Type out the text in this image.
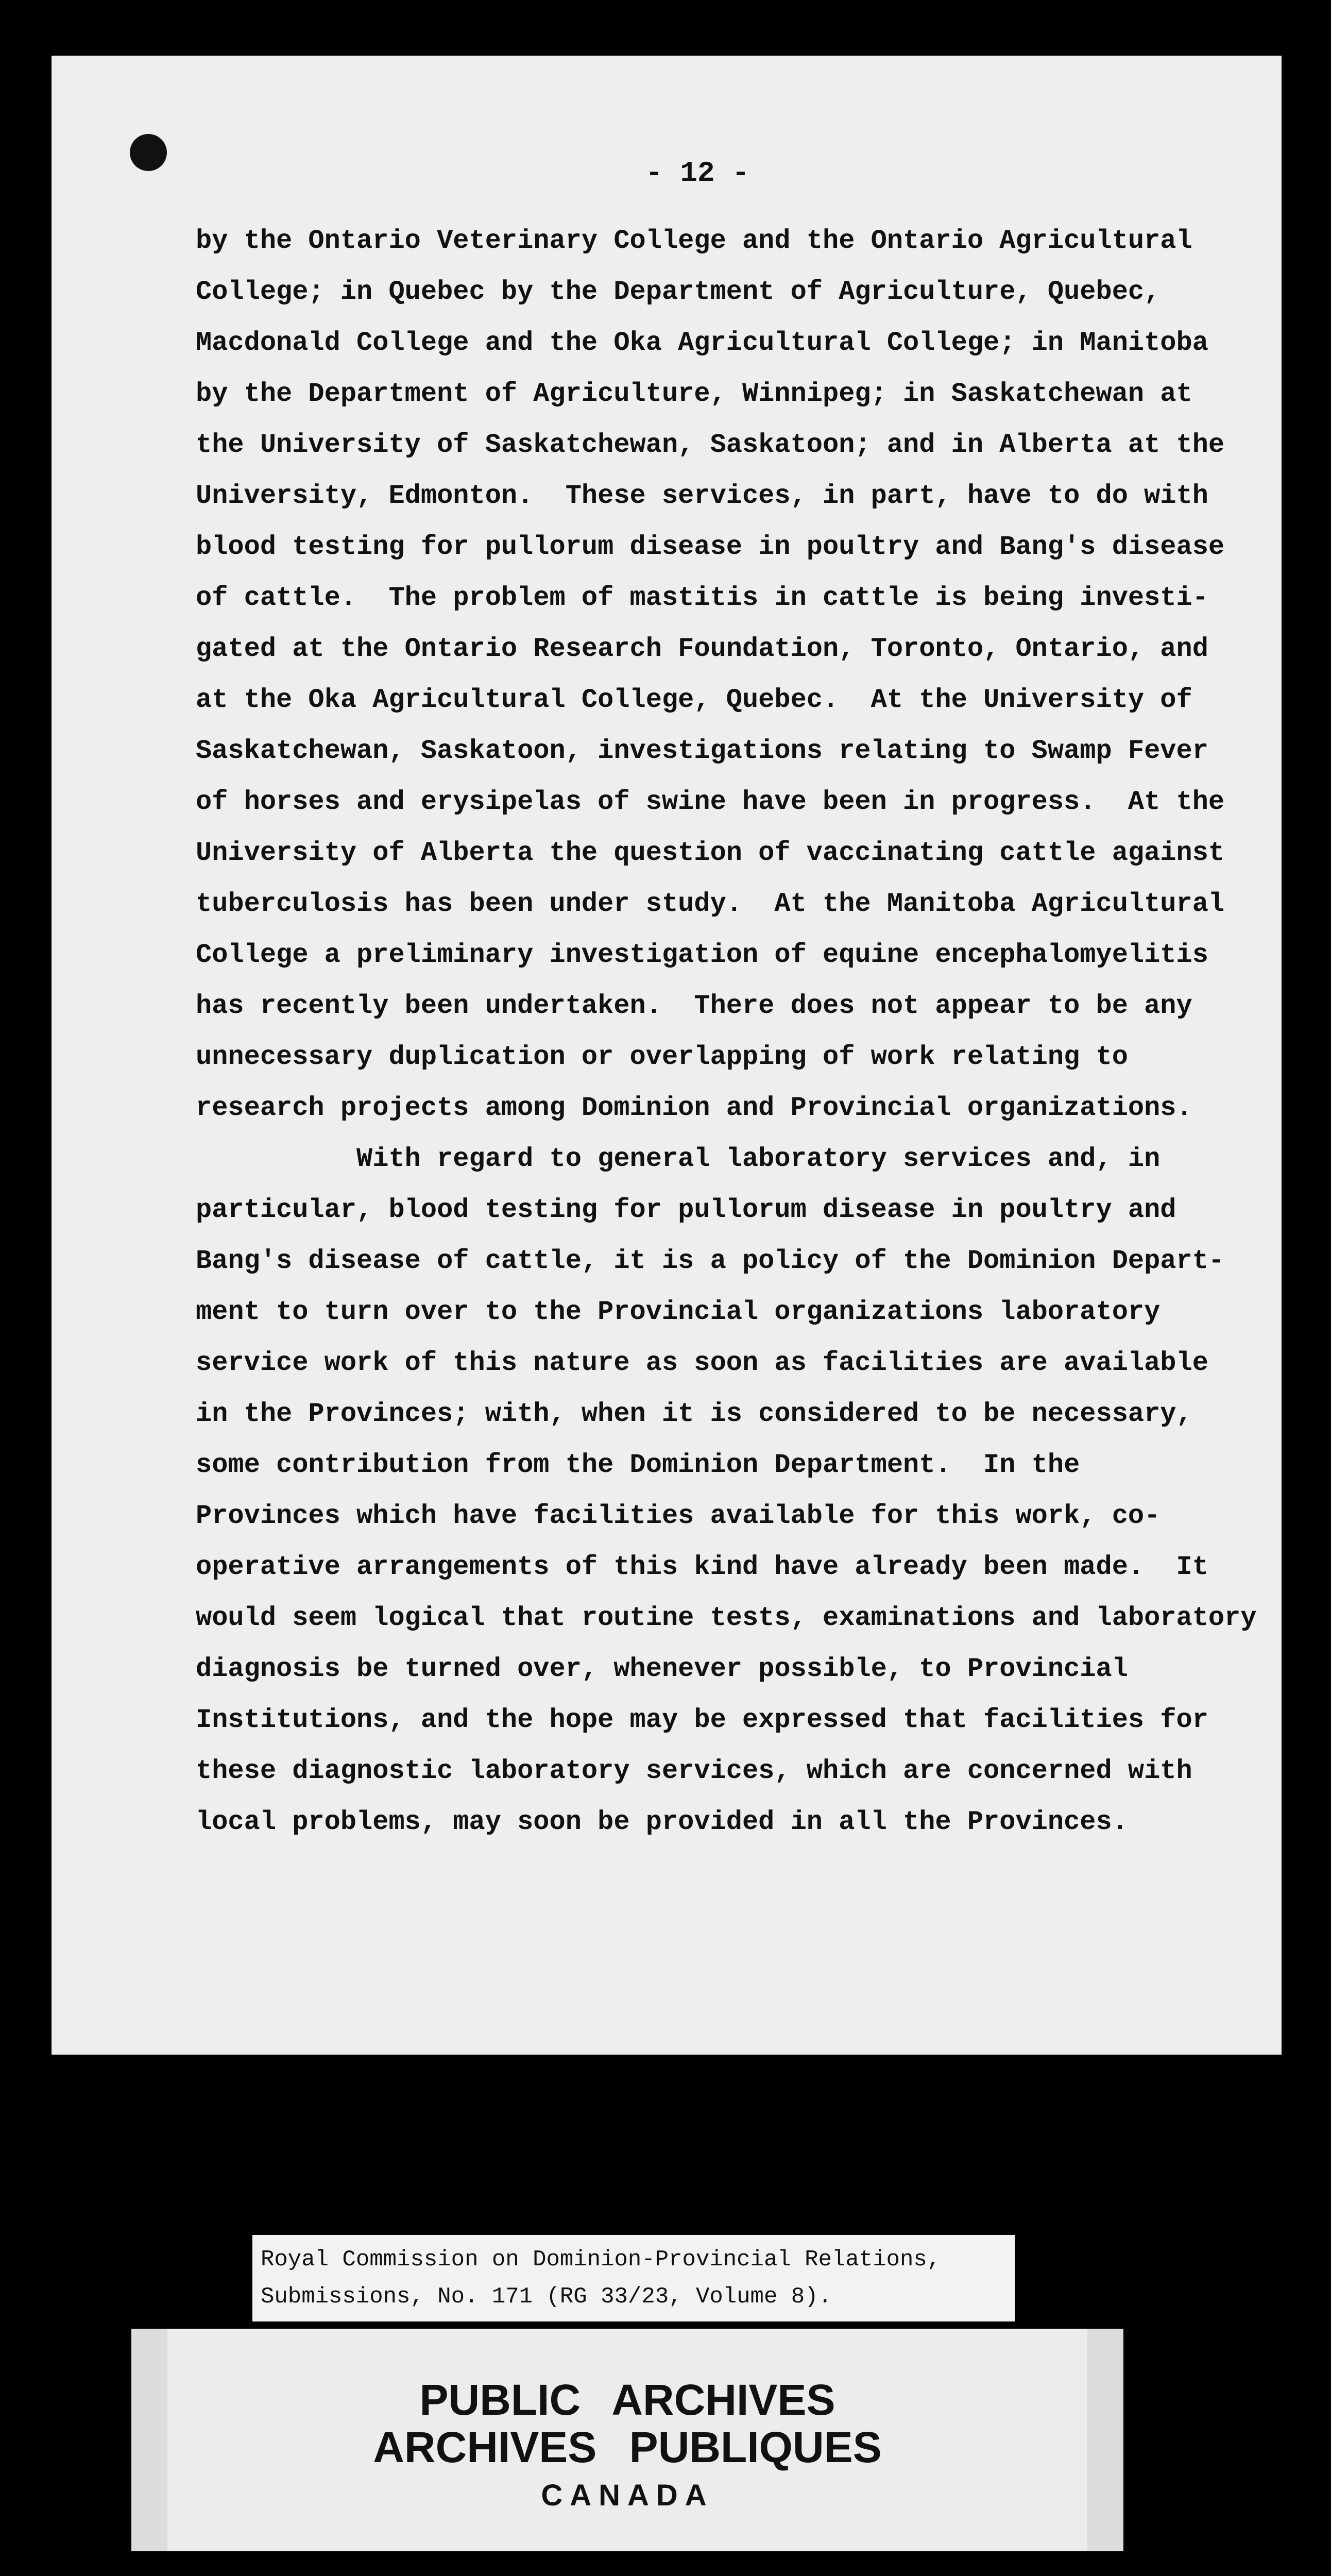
- 12 -
by the Ontario Veterinary College and the Ontario Agricultural
College; in Quebec by the Department of Agriculture, Quebec,
Macdonald College and the Oka Agricultural College; in Manitoba
by the Department of Agriculture, Winnipeg; in Saskatchewan at
the University of Saskatchewan, Saskatoon; and in Alberta at the
University, Edmonton.  These services, in part, have to do with
blood testing for pullorum disease in poultry and Bang's disease
of cattle.  The problem of mastitis in cattle is being investi-
gated at the Ontario Research Foundation, Toronto, Ontario, and
at the Oka Agricultural College, Quebec.  At the University of
Saskatchewan, Saskatoon, investigations relating to Swamp Fever
of horses and erysipelas of swine have been in progress.  At the
University of Alberta the question of vaccinating cattle against
tuberculosis has been under study.  At the Manitoba Agricultural
College a preliminary investigation of equine encephalomyelitis
has recently been undertaken.  There does not appear to be any
unnecessary duplication or overlapping of work relating to
research projects among Dominion and Provincial organizations.
With regard to general laboratory services and, in
particular, blood testing for pullorum disease in poultry and
Bang's disease of cattle, it is a policy of the Dominion Depart-
ment to turn over to the Provincial organizations laboratory
service work of this nature as soon as facilities are available
in the Provinces; with, when it is considered to be necessary,
some contribution from the Dominion Department.  In the
Provinces which have facilities available for this work, co-
operative arrangements of this kind have already been made.  It
would seem logical that routine tests, examinations and laboratory
diagnosis be turned over, whenever possible, to Provincial
Institutions, and the hope may be expressed that facilities for
these diagnostic laboratory services, which are concerned with
local problems, may soon be provided in all the Provinces.
Royal Commission on Dominion-Provincial Relations,
Submissions, No. 171 (RG 33/23, Volume 8).
PUBLIC ARCHIVES
ARCHIVES PUBLIQUES
CANADA
